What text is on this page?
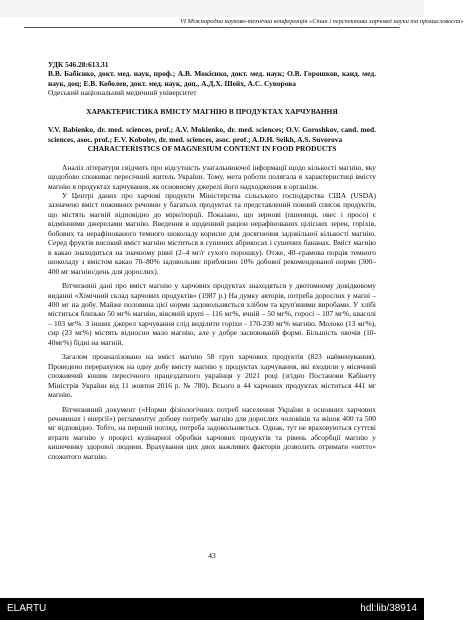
VI Міжнародна науково-технічна конференція «Стан і перспективи харчової науки та промисловості»

УДК 546.28:613.31

В.В. Бабієнко, докт. мед. наук, проф.; А.В. Мокієнко, докт. мед. наук; О.В. Горошков, канд. мед. наук, доц; Е.В. Коболев, докт. мед. наук, доц., А.Д.Х. Шейх, А.С. Суворова

Одеський національний медичний університет

ХАРАКТЕРИСТИКА ВМІСТУ МАГНІЮ В ПРОДУКТАХ ХАРЧУВАННЯ

V.V. Babienko, dr. med. sciences, prof.; A.V. Mokienko, dr. med. sciences; O.V. Goroshkov, cand. med. sciences, asoc. prof.; E.V. Kobolev, dr. med. sciences, asoc. prof.; A.D.H. Seikh, A.S. Suvorova

CHARACTERISTICS OF MAGNESIUM CONTENT IN FOOD PRODUCTS

Аналіз літератури свідчить про відсутність узагальнюючої інформації щодо кількості магнію, яку щодобово споживає пересічний житель України. Тому, мета роботи полягала в характеристиці вмісту магнію в продуктах харчування, як основному джерелі його надходження в організм.

У Центрі даних про харчові продукти Міністерства сільського господарства США (USDA) зазначено вміст поживних речовин у багатьох продуктах та представлений повний список продуктів, що містять магній відповідно до мірн/порції. Показано, що зернові (пшениця, овес і просо) є відмінними джерелами магнію. Введення в щоденний раціон нерафінованих цілісних зерен, горіхів, бобових та нерафінованого темного шоколаду корисне для досягнення задовільної кількості магнію. Серед фруктів високий вміст магнію міститься в сушених абрикосах і сушених бананах. Вміст магнію в какао знаходиться на значному рівні (2–4 мг/г сухого порошку). Отже, 40–грамова порція темного шоколаду з вмістом какао 70–80% задовольняє приблизно 10% добової рекомендованої норми (300–400 мг магнію/день для дорослих).

Вітчизняні дані про вміст магнію у харчових продуктах знаходяться у двотомному довідковому виданні «Хімічний склад харчових продуктів» (1987 р.) На думку авторів, потреба дорослих у магні – 400 мг на добу. Майже половина цієї норми задовольняється хлібом та круп'яними виробами. У хлібі міститься близько 50 мг% магнію, вівсяній крупі – 116 мг%, ячній – 50 мг%, горосі – 107 мг%, квасолі – 103 мг%. З інших джерел харчування слід виділити горіхи - 170-230 мг% магнію. Молоко (13 мг%), сир (23 мг%) містять відносно мало магнію, але у добре засвоюваній формі. Більшість овочів (10-40мг%) бідні на магній.

Загалом проаналізовано на вміст магнію 58 груп харчових продуктів (823 найменування). Проведено перерахунок на одну добу вмісту магнію у продуктах харчування, які входили у місячний споживчий кошик пересічного працездатного українця у 2021 році (згідно Постанови Кабінету Міністрів України від 11 жовтня 2016 р. № 780). Всього в 44 харчових продуктах міститься 441 мг магнію.

Вітчизняний документ («Норми фізіологічних потреб населення України в основних харчових речовинах і енергії») регламентує добову потребу магнію для дорослих чоловіків та жінок 400 та 500 мг відповідно. Тобто, на перший погляд, потреба задовольняється. Однак, тут не враховуються суттєві втрати магнію у процесі кулінарної обробки харчових продуктів та рівень абсорбції магнію у кишечнику здорової людини. Врахування цих двох важливих факторів дозволить отримати «нетто» спожитого магнію.

43
ELARTU	hdl:lib/38914
